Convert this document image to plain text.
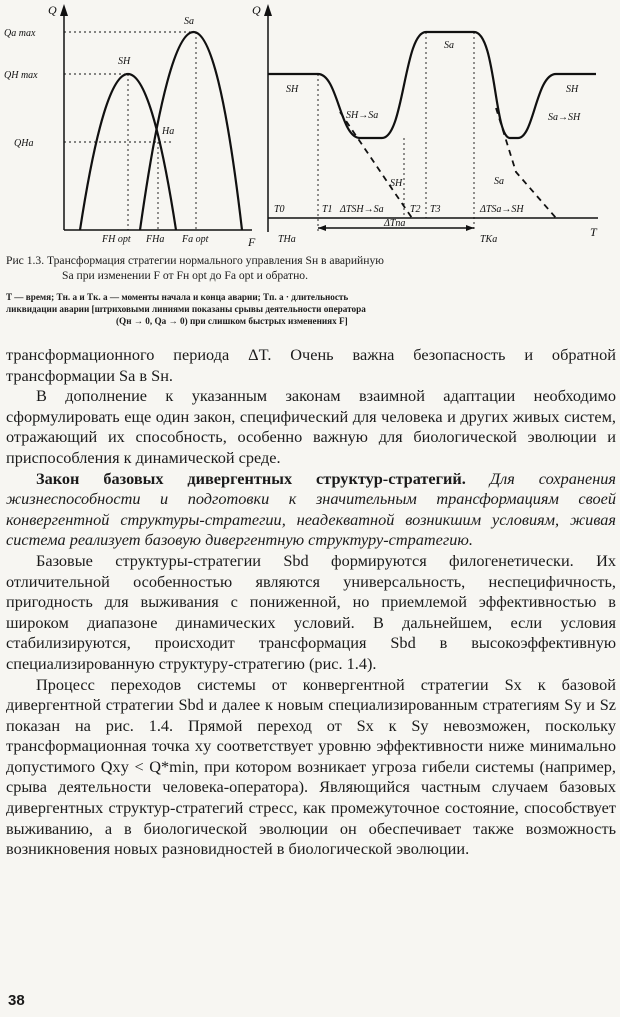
Q
F
Qa max
QH max
QHa
SH
Sa
Ha
FH opt FHa Fa opt
Q
T
Sa
SH
SH→Sa
SH	Sa
SH
Sa→SH
T0	T1 ΔTSH→Sa	T2 T3	ΔTSa→SH
THa
ΔTпа
TKa
Рис 1.3. Трансформация стратегии нормального управления Sн в аварийную
Sа при изменении F от Fн opt до Fа opt и обратно.
T — время; Tн. а и Tк. а — моменты начала и конца аварии; Tп. а · длительность
ликвидации аварии [штриховыми линиями показаны срывы деятельности оператора
(Qн → 0, Qа → 0) при слишком быстрых изменениях F]

трансформационного периода ΔT. Очень важна безопасность и обратной трансформации Sа в Sн.

В дополнение к указанным законам взаимной адаптации необходимо сформулировать еще один закон, специфический для человека и других живых систем, отражающий их способность, особенно важную для биологической эволюции и приспособления к динамической среде.

Закон базовых дивергентных структур-стратегий. Для сохранения жизнеспособности и подготовки к значительным трансформациям своей конвергентной структуры-стратегии, неадекватной возникшим условиям, живая система реализует базовую дивергентную структуру-стратегию.

Базовые структуры-стратегии Sbd формируются филогенетически. Их отличительной особенностью являются универсальность, неспецифичность, пригодность для выживания с пониженной, но приемлемой эффективностью в широком диапазоне динамических условий. В дальнейшем, если условия стабилизируются, происходит трансформация Sbd в высокоэффективную специализированную структуру-стратегию (рис. 1.4).

Процесс переходов системы от конвергентной стратегии Sx к базовой дивергентной стратегии Sbd и далее к новым специализированным стратегиям Sy и Sz показан на рис. 1.4. Прямой переход от Sx к Sy невозможен, поскольку трансформационная точка xy соответствует уровню эффективности ниже минимально допустимого Qxy < Q*min, при котором возникает угроза гибели системы (например, срыва деятельности человека-оператора). Являющийся частным случаем базовых дивергентных структур-стратегий стресс, как промежуточное состояние, способствует выживанию, а в биологической эволюции он обеспечивает также возможность возникновения новых разновидностей в биологической эволюции.

38
